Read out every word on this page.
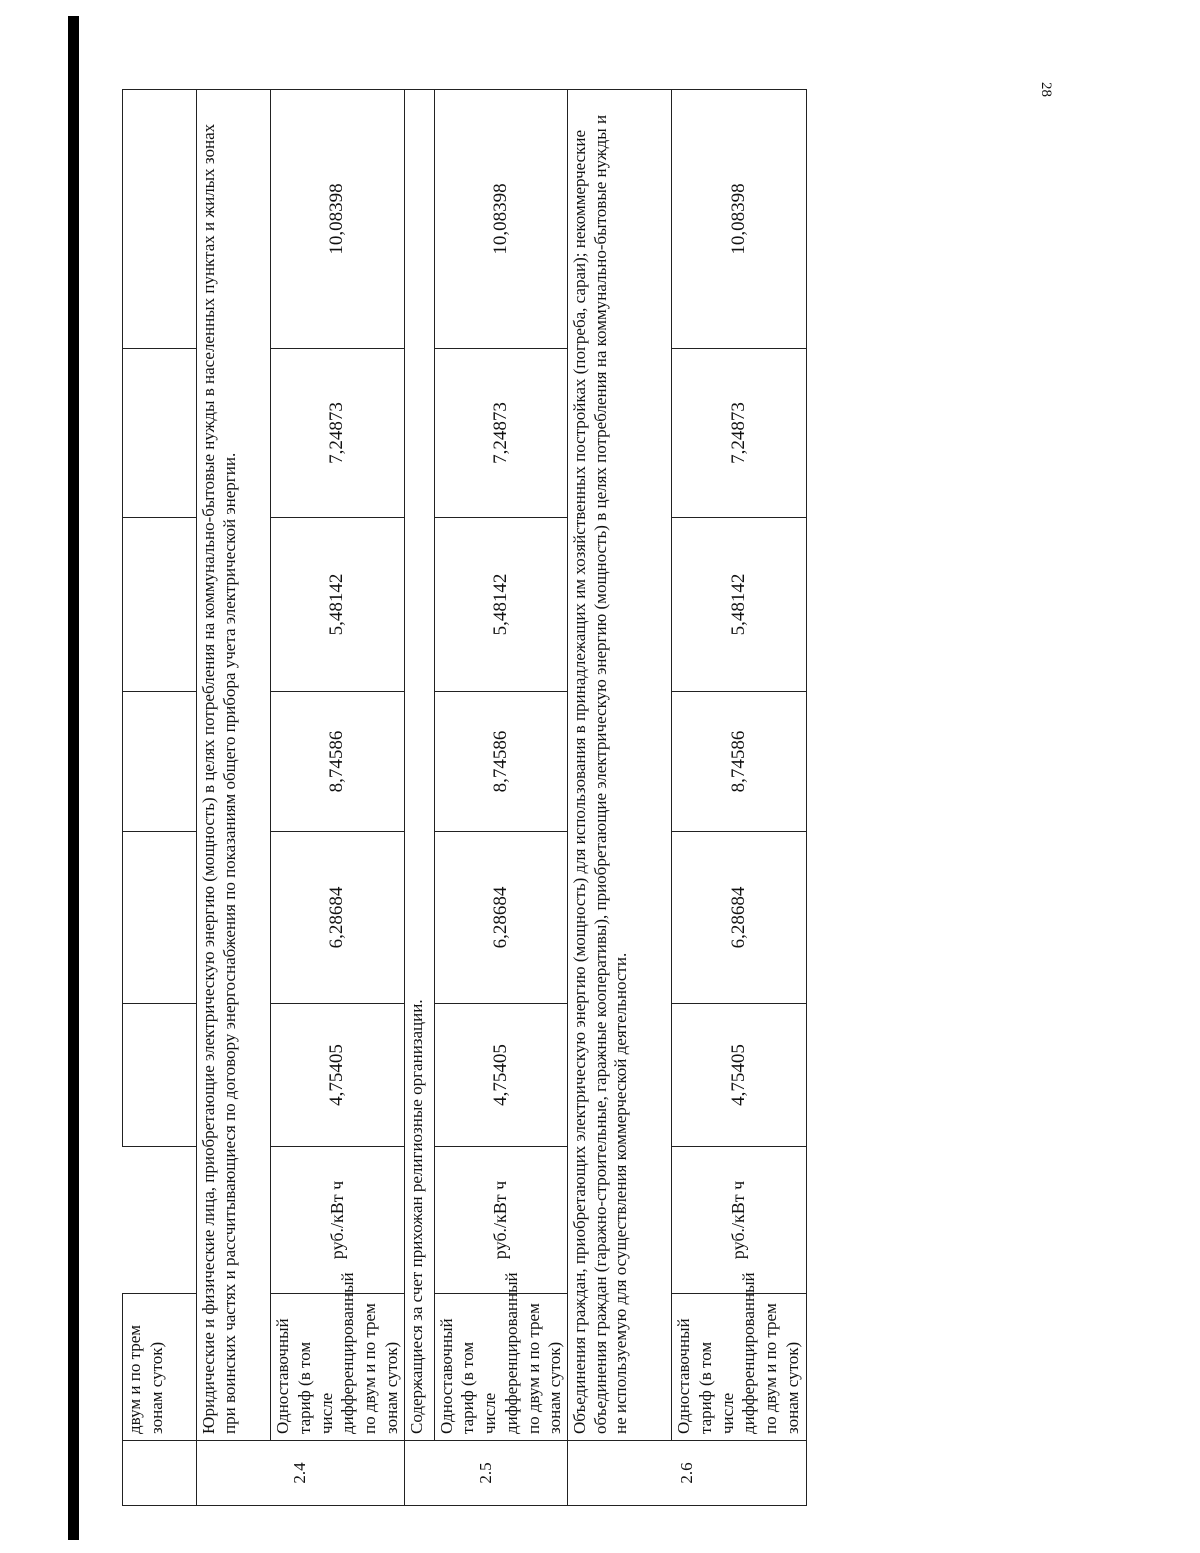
28
	двум и по трем зонам суток)							
2.4	Юридические и физические лица, приобретающие электрическую энергию (мощность) в целях потребления на коммунально-бытовые нужды в населенных пунктах и жилых зонах при воинских частях и рассчитывающиеся по договору энергоснабжения по показаниям общего прибора учета электрической энергии.							
	Одноставочный тариф (в том числе дифференцированный по двум и по трем зонам суток)	руб./кВт ч	4,75405	6,28684	8,74586	5,48142	7,24873	10,08398
2.5	Содержащиеся за счет прихожан религиозные организации.							
	Одноставочный тариф (в том числе дифференцированный по двум и по трем зонам суток)	руб./кВт ч	4,75405	6,28684	8,74586	5,48142	7,24873	10,08398
2.6	Объединения граждан, приобретающих электрическую энергию (мощность) для использования в принадлежащих им хозяйственных постройках (погреба, сараи); некоммерческие объединения граждан (гаражно-строительные, гаражные кооперативы), приобретающие электрическую энергию (мощность) в целях потребления на коммунально-бытовые нужды и не используемую для осуществления коммерческой деятельности.							
	Одноставочный тариф (в том числе дифференцированный по двум и по трем зонам суток)	руб./кВт ч	4,75405	6,28684	8,74586	5,48142	7,24873	10,08398
